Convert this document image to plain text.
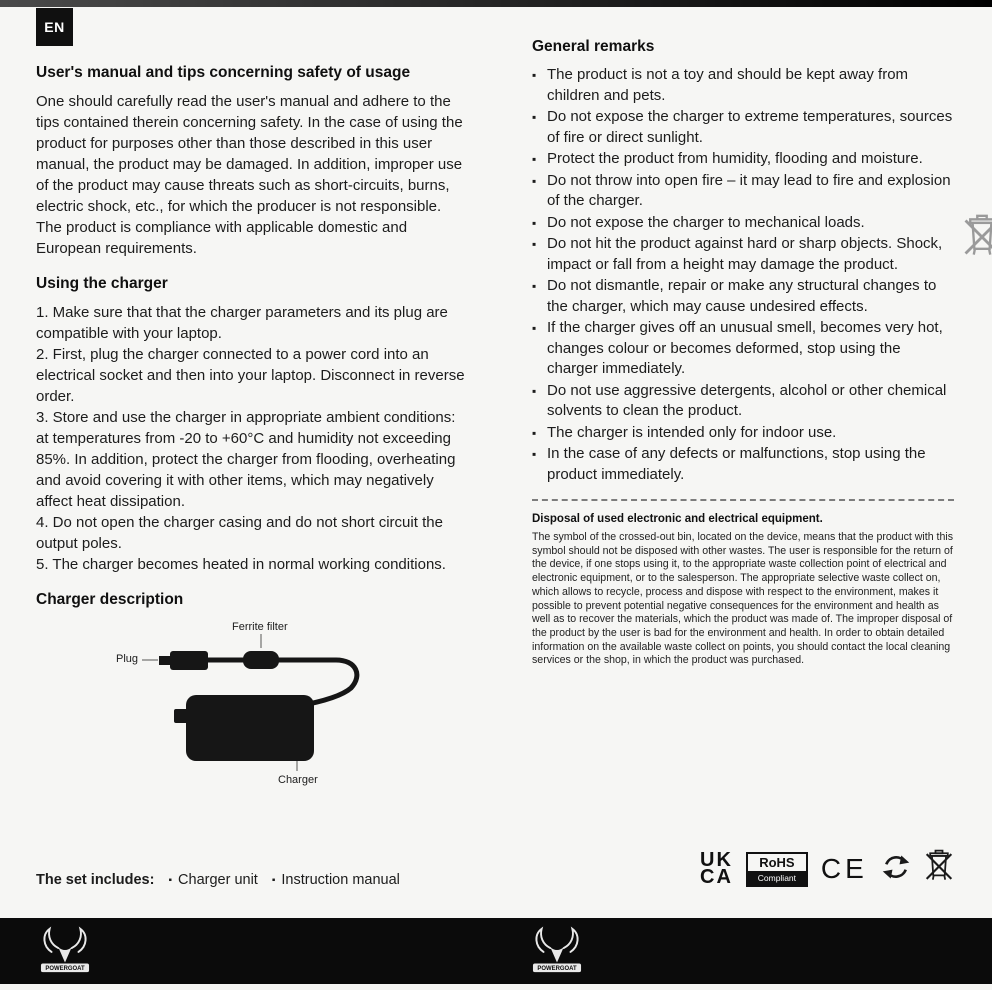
EN
User's manual and tips concerning safety of usage

One should carefully read the user's manual and adhere to the tips contained therein concerning safety. In the case of using the product for purposes other than those described in this user manual, the product may be damaged. In addition, improper use of the product may cause threats such as short-circuits, burns, electric shock, etc., for which the producer is not responsible. The product is compliance with applicable domestic and European requirements.

Using the charger

1. Make sure that that the charger parameters and its plug are compatible with your laptop.

2. First, plug the charger connected to a power cord into an electrical socket and then into your laptop. Disconnect in reverse order.

3. Store and use the charger in appropriate ambient conditions: at temperatures from -20 to +60°C and humidity not exceeding 85%. In addition, protect the charger from flooding, overheating and avoid covering it with other items, which may negatively affect heat dissipation.

4. Do not open the charger casing and do not short circuit the output poles.

5. The charger becomes heated in normal working conditions.

Charger description
Ferrite filter
Plug
Charger
General remarks
▪ The product is not a toy and should be kept away from children and pets.
▪ Do not expose the charger to extreme temperatures, sources of fire or direct sunlight.
▪ Protect the product from humidity, flooding and moisture.
▪ Do not throw into open fire – it may lead to fire and explosion of the charger.
▪ Do not expose the charger to mechanical loads.
▪ Do not hit the product against hard or sharp objects. Shock, impact or fall from a height may damage the product.
▪ Do not dismantle, repair or make any structural changes to the charger, which may cause undesired effects.
▪ If the charger gives off an unusual smell, becomes very hot, changes colour or becomes deformed, stop using the charger immediately.
▪ Do not use aggressive detergents, alcohol or other chemical solvents to clean the product.
▪ The charger is intended only for indoor use.
▪ In the case of any defects or malfunctions, stop using the product immediately.

Disposal of used electronic and electrical equipment.

The symbol of the crossed-out bin, located on the device, means that the product with this symbol should not be disposed with other wastes. The user is responsible for the return of the device, if one stops using it, to the appropriate waste collection point of electrical and electronic equipment, or to the salesperson. The appropriate selective waste collect on, which allows to recycle, process and dispose with respect to the environment, makes it possible to prevent potential negative consequences for the environment and health as well as to recover the materials, which the product was made of. The improper disposal of the product by the user is bad for the environment and health. In order to obtain detailed information on the available waste collect on points, you should contact the local cleaning services or the shop, in which the product was purchased.

The set includes: ▪ Charger unit ▪ Instruction manual

UK
CA
RoHS
Compliant CE
POWERGOAT	POWERGOAT
